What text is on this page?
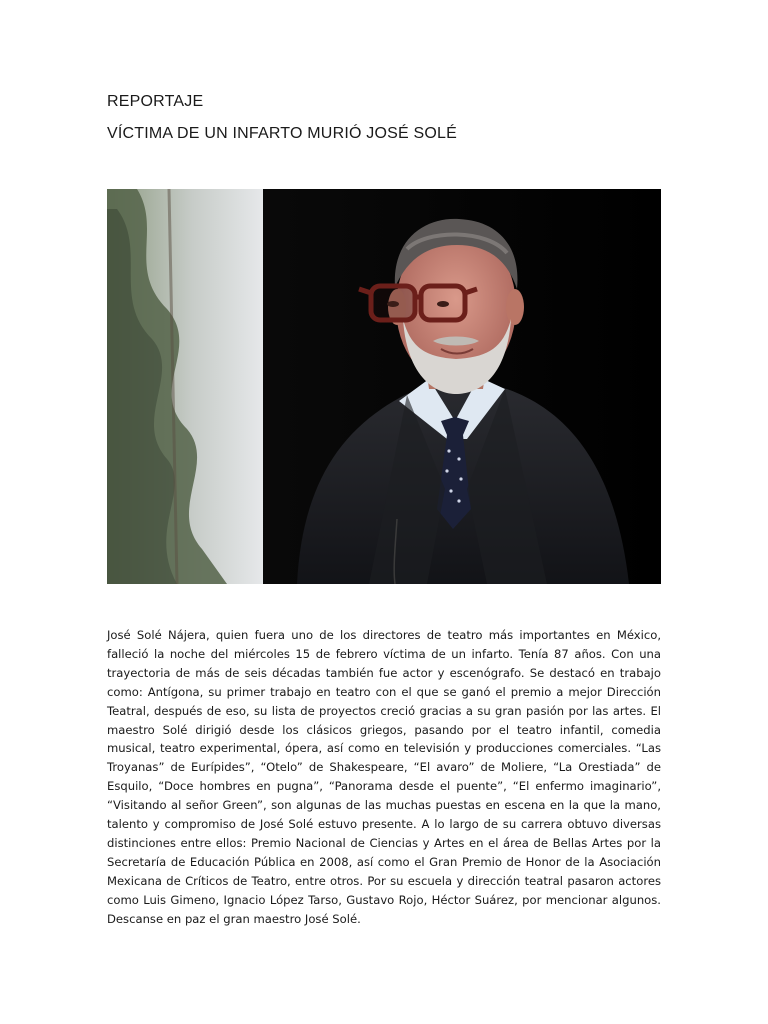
REPORTAJE
VÍCTIMA DE UN INFARTO MURIÓ JOSÉ SOLÉ

José Solé Nájera, quien fuera uno de los directores de teatro más importantes en México, falleció la noche del miércoles 15 de febrero víctima de un infarto. Tenía 87 años. Con una trayectoria de más de seis décadas también fue actor y escenógrafo. Se destacó en trabajo como: Antígona, su primer trabajo en teatro con el que se ganó el premio a mejor Dirección Teatral, después de eso, su lista de proyectos creció gracias a su gran pasión por las artes. El maestro Solé dirigió desde los clásicos griegos, pasando por el teatro infantil, comedia musical, teatro experimental, ópera, así como en televisión y producciones comerciales. “Las Troyanas” de Eurípides”, “Otelo” de Shakespeare, “El avaro” de Moliere, “La Orestiada” de Esquilo, “Doce hombres en pugna”, “Panorama desde el puente”, “El enfermo imaginario”, “Visitando al señor Green”, son algunas de las muchas puestas en escena en la que la mano, talento y compromiso de José Solé estuvo presente. A lo largo de su carrera obtuvo diversas distinciones entre ellos: Premio Nacional de Ciencias y Artes en el área de Bellas Artes por la Secretaría de Educación Pública en 2008, así como el Gran Premio de Honor de la Asociación Mexicana de Críticos de Teatro, entre otros. Por su escuela y dirección teatral pasaron actores como Luis Gimeno, Ignacio López Tarso, Gustavo Rojo, Héctor Suárez, por mencionar algunos. Descanse en paz el gran maestro José Solé.
